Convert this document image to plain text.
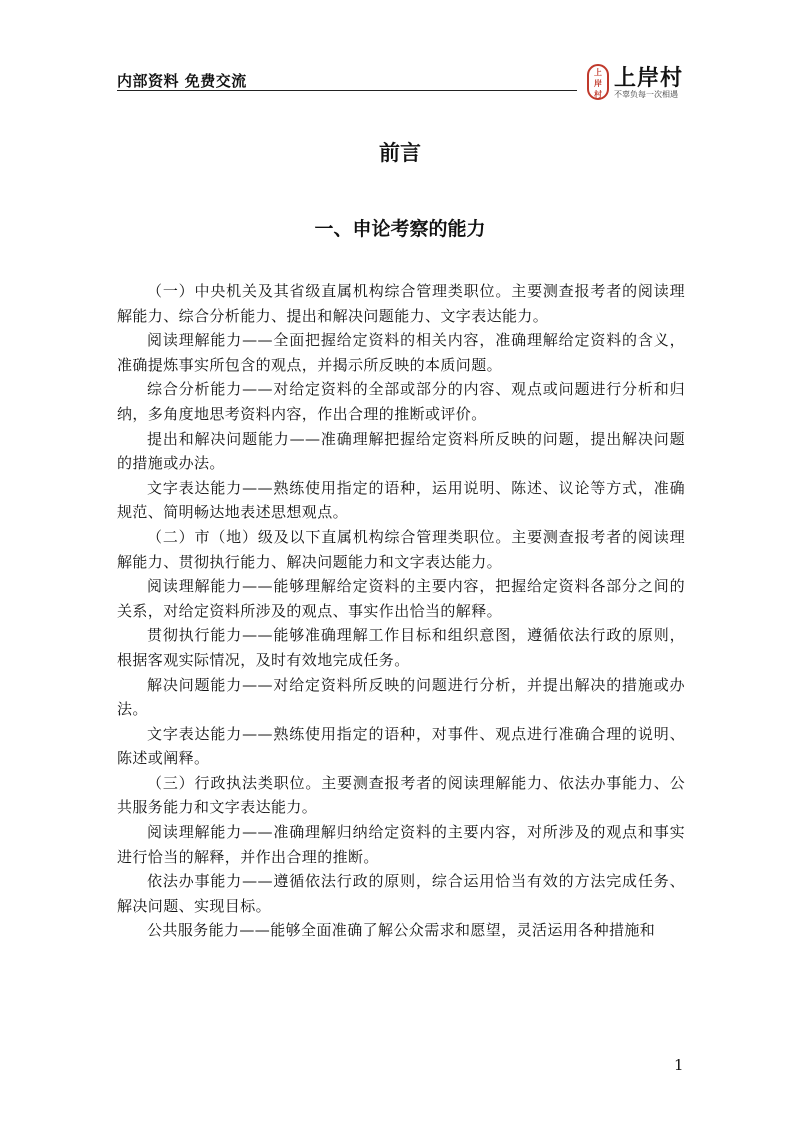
内部资料 免费交流	上
岸
村
上岸村
不辜负每一次相遇
前言
一、申论考察的能力

（一）中央机关及其省级直属机构综合管理类职位。主要测查报考者的阅读理解能力、综合分析能力、提出和解决问题能力、文字表达能力。

阅读理解能力——全面把握给定资料的相关内容，准确理解给定资料的含义，准确提炼事实所包含的观点，并揭示所反映的本质问题。

综合分析能力——对给定资料的全部或部分的内容、观点或问题进行分析和归纳，多角度地思考资料内容，作出合理的推断或评价。

提出和解决问题能力——准确理解把握给定资料所反映的问题，提出解决问题的措施或办法。

文字表达能力——熟练使用指定的语种，运用说明、陈述、议论等方式，准确规范、简明畅达地表述思想观点。

（二）市（地）级及以下直属机构综合管理类职位。主要测查报考者的阅读理解能力、贯彻执行能力、解决问题能力和文字表达能力。

阅读理解能力——能够理解给定资料的主要内容，把握给定资料各部分之间的关系，对给定资料所涉及的观点、事实作出恰当的解释。

贯彻执行能力——能够准确理解工作目标和组织意图，遵循依法行政的原则，根据客观实际情况，及时有效地完成任务。

解决问题能力——对给定资料所反映的问题进行分析，并提出解决的措施或办法。

文字表达能力——熟练使用指定的语种，对事件、观点进行准确合理的说明、陈述或阐释。

（三）行政执法类职位。主要测查报考者的阅读理解能力、依法办事能力、公共服务能力和文字表达能力。

阅读理解能力——准确理解归纳给定资料的主要内容，对所涉及的观点和事实进行恰当的解释，并作出合理的推断。

依法办事能力——遵循依法行政的原则，综合运用恰当有效的方法完成任务、解决问题、实现目标。

公共服务能力——能够全面准确了解公众需求和愿望，灵活运用各种措施和

1
